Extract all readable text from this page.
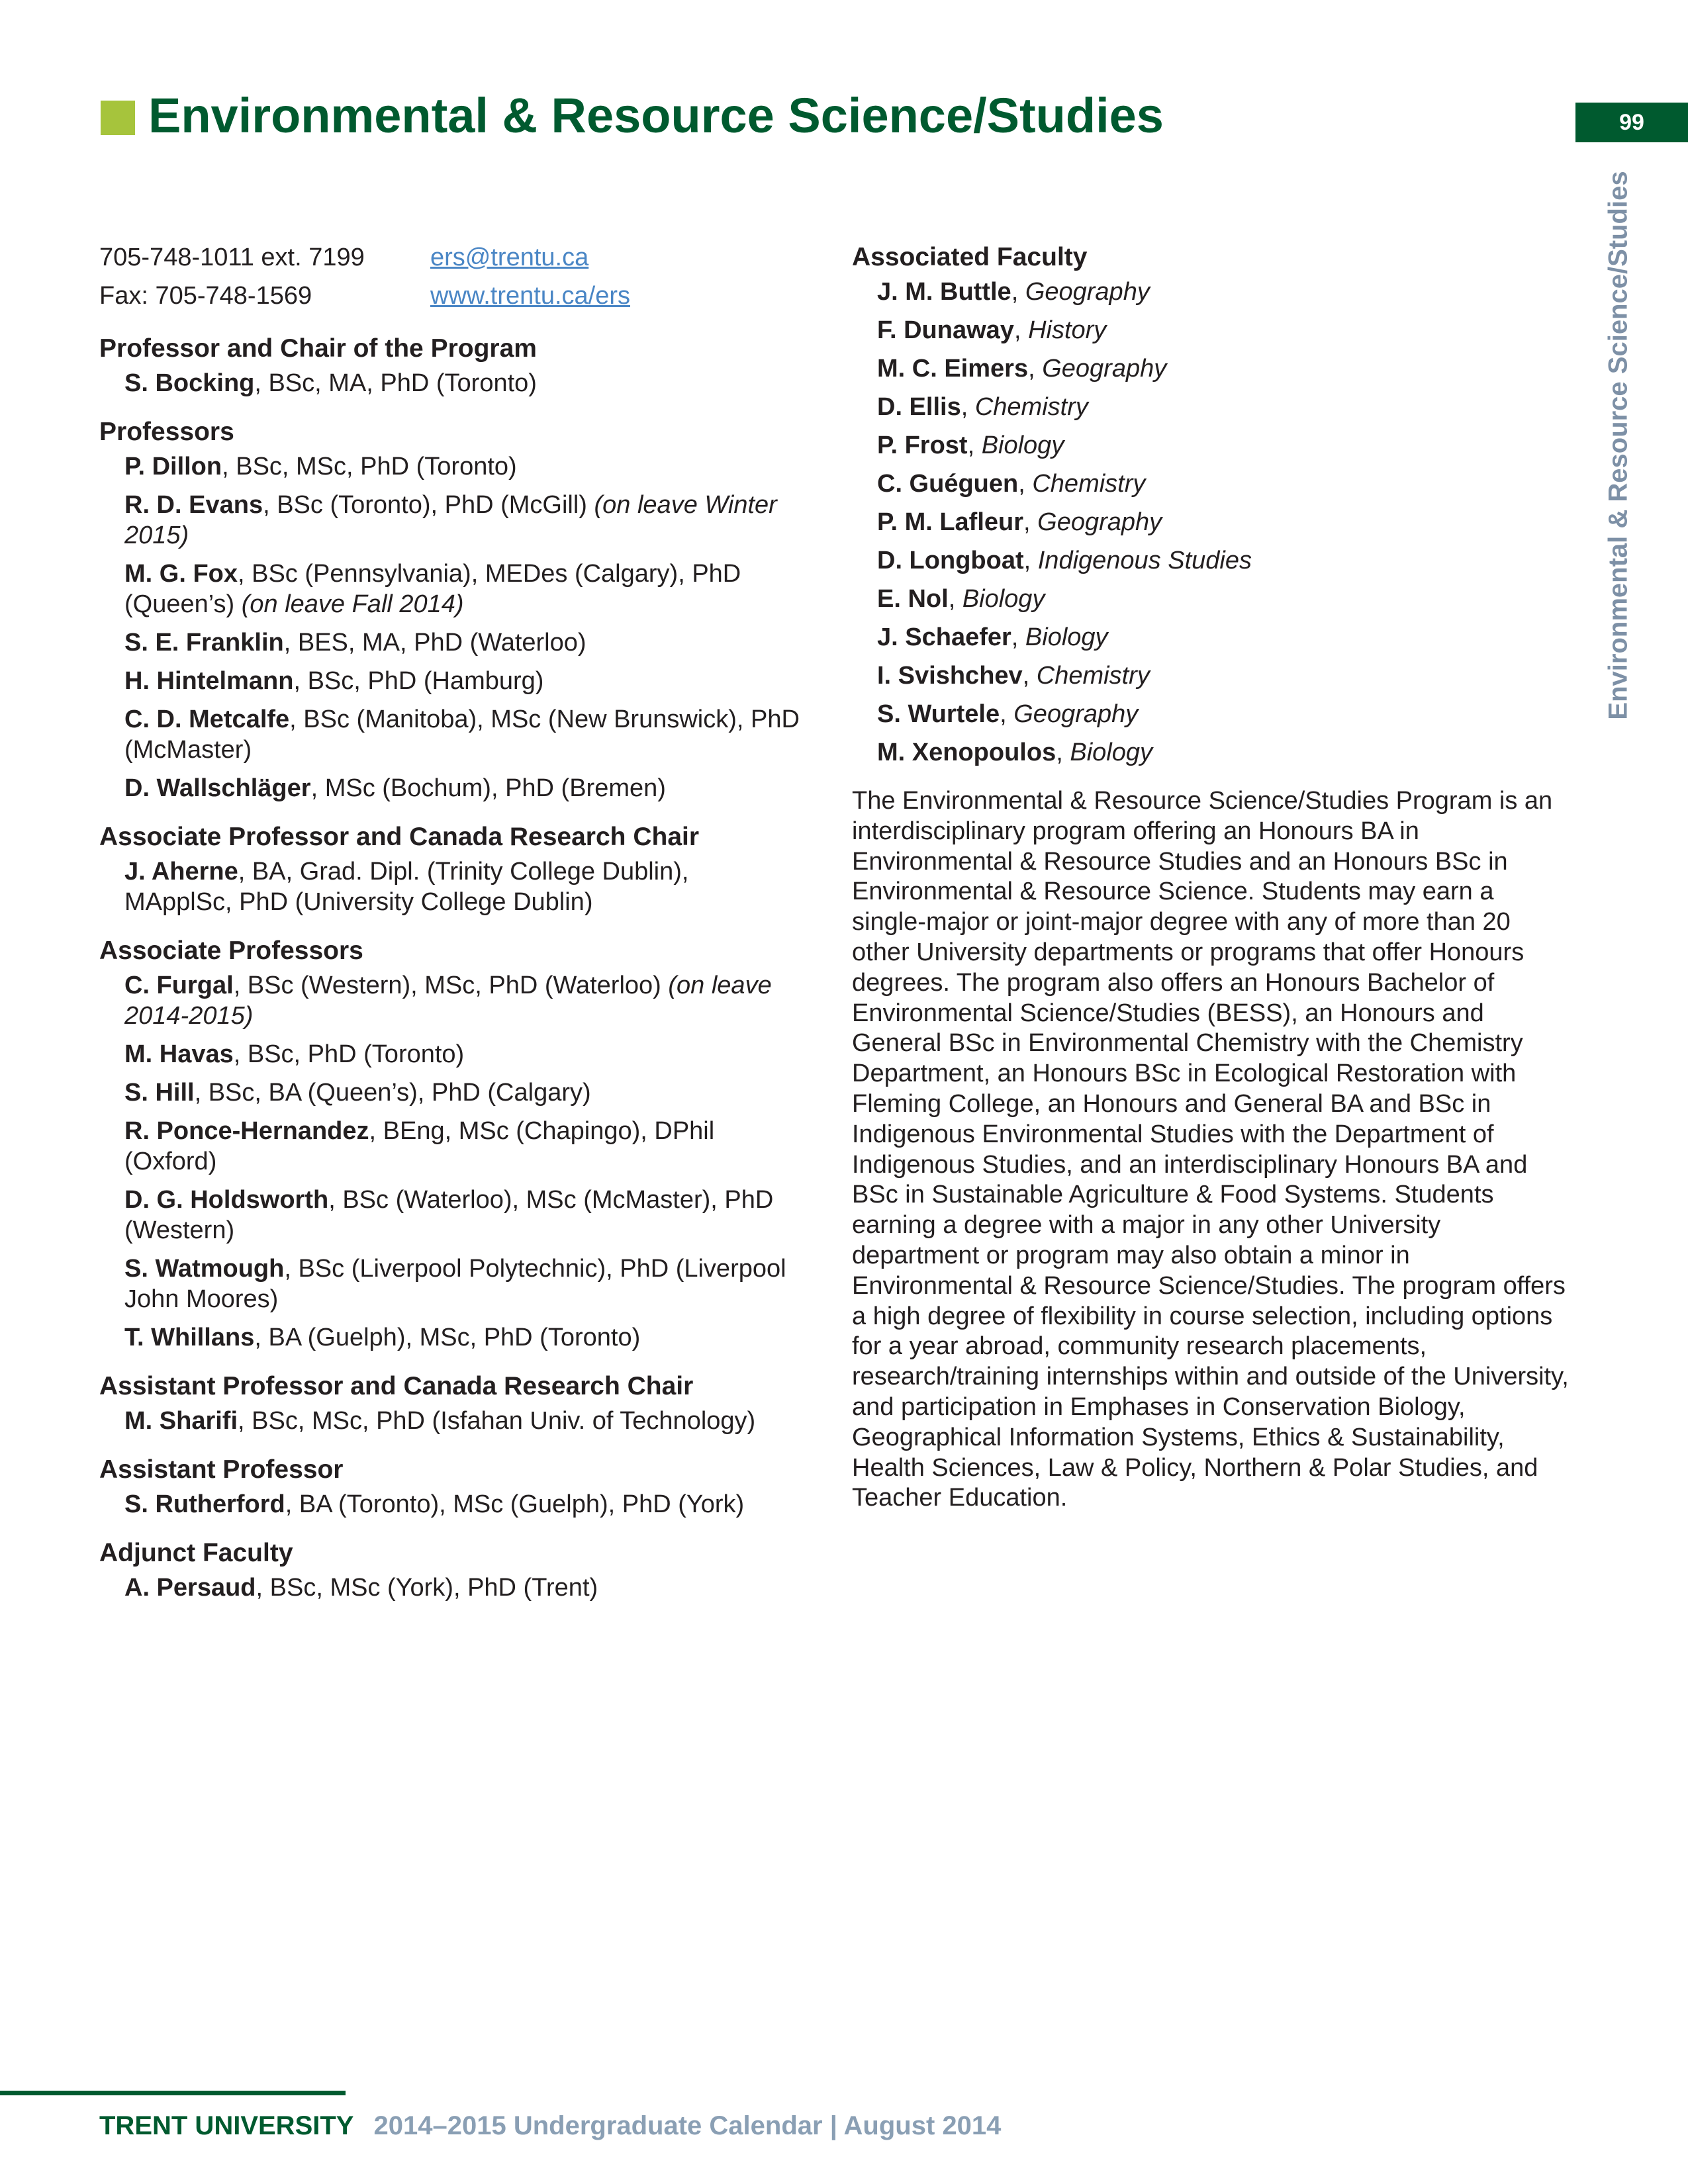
Environmental & Resource Science/Studies	99
Environmental & Resource Science/Studies
705-748-1011 ext. 7199	ers@trentu.ca
Fax: 705-748-1569	www.trentu.ca/ers
Professor and Chair of the Program
S. Bocking, BSc, MA, PhD (Toronto)
Professors
P. Dillon, BSc, MSc, PhD (Toronto)
R. D. Evans, BSc (Toronto), PhD (McGill) (on leave Winter 2015)
M. G. Fox, BSc (Pennsylvania), MEDes (Calgary), PhD (Queen’s) (on leave Fall 2014)
S. E. Franklin, BES, MA, PhD (Waterloo)
H. Hintelmann, BSc, PhD (Hamburg)
C. D. Metcalfe, BSc (Manitoba), MSc (New Brunswick), PhD (McMaster)
D. Wallschläger, MSc (Bochum), PhD (Bremen)
Associate Professor and Canada Research Chair
J. Aherne, BA, Grad. Dipl. (Trinity College Dublin), MApplSc, PhD (University College Dublin)
Associate Professors
C. Furgal, BSc (Western), MSc, PhD (Waterloo) (on leave 2014-2015)
M. Havas, BSc, PhD (Toronto)
S. Hill, BSc, BA (Queen’s), PhD (Calgary)
R. Ponce-Hernandez, BEng, MSc (Chapingo), DPhil (Oxford)
D. G. Holdsworth, BSc (Waterloo), MSc (McMaster), PhD (Western)
S. Watmough, BSc (Liverpool Polytechnic), PhD (Liverpool John Moores)
T. Whillans, BA (Guelph), MSc, PhD (Toronto)
Assistant Professor and Canada Research Chair
M. Sharifi, BSc, MSc, PhD (Isfahan Univ. of Technology)
Assistant Professor
S. Rutherford, BA (Toronto), MSc (Guelph), PhD (York)
Adjunct Faculty
A. Persaud, BSc, MSc (York), PhD (Trent)
Associated Faculty
J. M. Buttle, Geography
F. Dunaway, History
M. C. Eimers, Geography
D. Ellis, Chemistry
P. Frost, Biology
C. Guéguen, Chemistry
P. M. Lafleur, Geography
D. Longboat, Indigenous Studies
E. Nol, Biology
J. Schaefer, Biology
I. Svishchev, Chemistry
S. Wurtele, Geography
M. Xenopoulos, Biology
The Environmental & Resource Science/Studies Program is an interdisciplinary program offering an Honours BA in Environmental & Resource Studies and an Honours BSc in Environmental & Resource Science. Students may earn a single-major or joint-major degree with any of more than 20 other University departments or programs that offer Honours degrees. The program also offers an Honours Bachelor of Environmental Science/Studies (BESS), an Honours and General BSc in Environmental Chemistry with the Chemistry Department, an Honours BSc in Ecological Restoration with Fleming College, an Honours and General BA and BSc in Indigenous Environmental Studies with the Department of Indigenous Studies, and an interdisciplinary Honours BA and BSc in Sustainable Agriculture & Food Systems. Students earning a degree with a major in any other University department or program may also obtain a minor in Environmental & Resource Science/Studies. The program offers a high degree of flexibility in course selection, including options for a year abroad, community research placements, research/training internships within and outside of the University, and participation in Emphases in Conservation Biology, Geographical Information Systems, Ethics & Sustainability, Health Sciences, Law & Policy, Northern & Polar Studies, and Teacher Education.
TRENT UNIVERSITY 2014–2015 Undergraduate Calendar | August 2014
